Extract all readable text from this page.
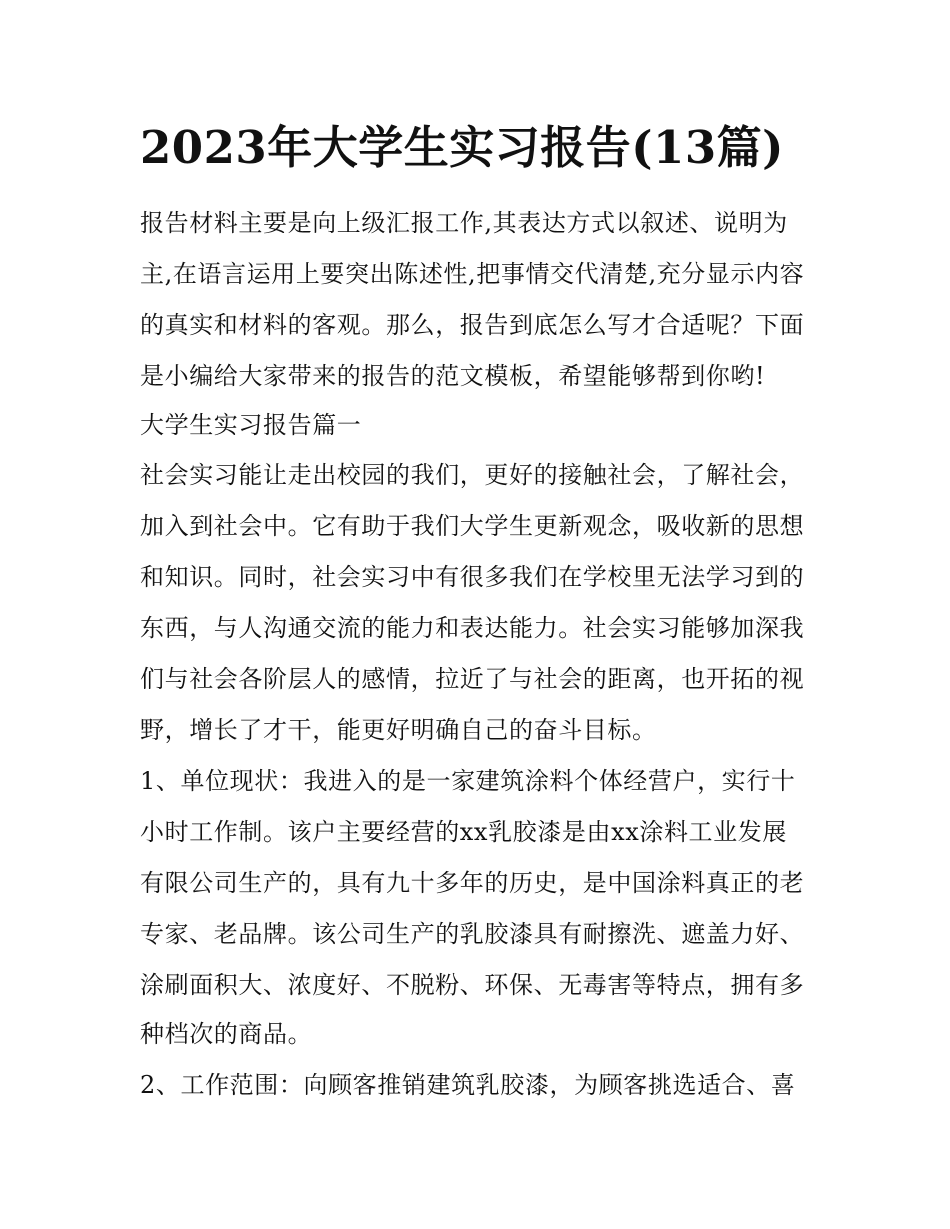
2023年大学生实习报告(13篇)
报告材料主要是向上级汇报工作,其表达方式以叙述、说明为
主,在语言运用上要突出陈述性,把事情交代清楚,充分显示内容
的真实和材料的客观。那么，报告到底怎么写才合适呢？下面
是小编给大家带来的报告的范文模板，希望能够帮到你哟!
大学生实习报告篇一
社会实习能让走出校园的我们，更好的接触社会，了解社会，
加入到社会中。它有助于我们大学生更新观念，吸收新的思想
和知识。同时，社会实习中有很多我们在学校里无法学习到的
东西，与人沟通交流的能力和表达能力。社会实习能够加深我
们与社会各阶层人的感情，拉近了与社会的距离，也开拓的视
野，增长了才干，能更好明确自己的奋斗目标。
1、单位现状：我进入的是一家建筑涂料个体经营户，实行十
小时工作制。该户主要经营的xx乳胶漆是由xx涂料工业发展
有限公司生产的，具有九十多年的历史，是中国涂料真正的老
专家、老品牌。该公司生产的乳胶漆具有耐擦洗、遮盖力好、
涂刷面积大、浓度好、不脱粉、环保、无毒害等特点，拥有多
种档次的商品。
2、工作范围：向顾客推销建筑乳胶漆，为顾客挑选适合、喜
